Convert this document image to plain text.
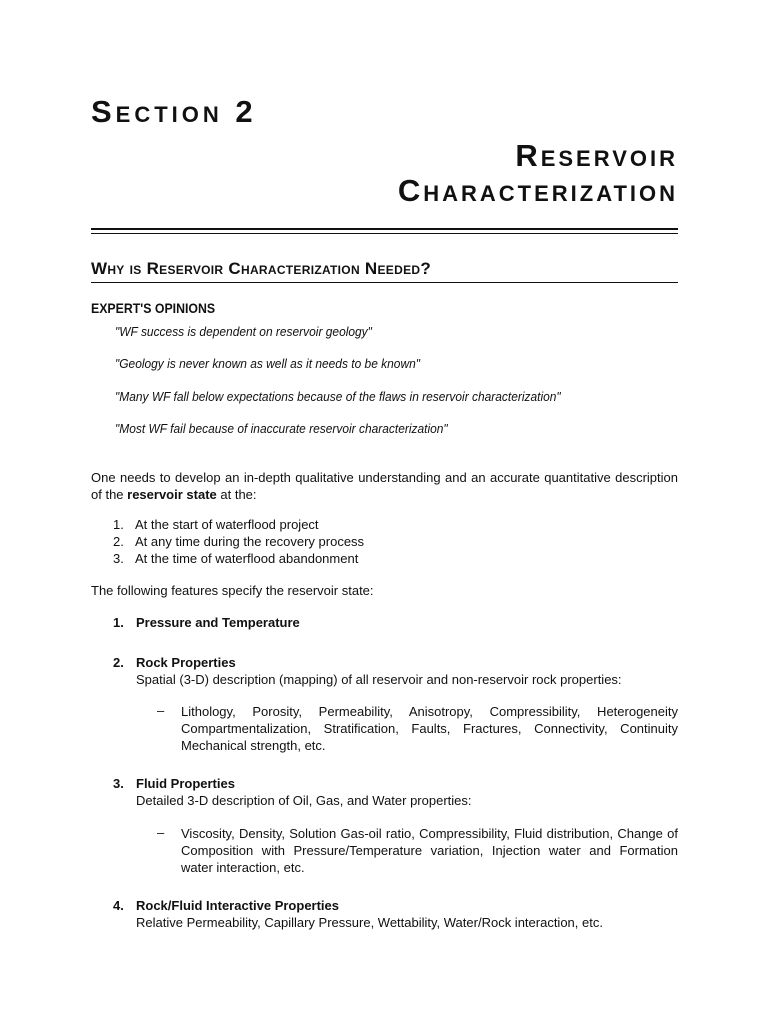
Section 2
Reservoir
Characterization
Why is Reservoir Characterization Needed?
EXPERT'S OPINIONS

"WF success is dependent on reservoir geology"

"Geology is never known as well as it needs to be known"

"Many WF fall below expectations because of the flaws in reservoir characterization"

"Most WF fail because of inaccurate reservoir characterization"

One needs to develop an in-depth qualitative understanding and an accurate quantitative description of the reservoir state at the:

1. At the start of waterflood project
2. At any time during the recovery process
3. At the time of waterflood abandonment

The following features specify the reservoir state:

1. Pressure and Temperature
2. Rock Properties
Spatial (3-D) description (mapping) of all reservoir and non-reservoir rock properties:
– Lithology, Porosity, Permeability, Anisotropy, Compressibility, Heterogeneity Compartmentalization, Stratification, Faults, Fractures, Connectivity, Continuity Mechanical strength, etc.

3. Fluid Properties
Detailed 3-D description of Oil, Gas, and Water properties:
– Viscosity, Density, Solution Gas-oil ratio, Compressibility, Fluid distribution, Change of Composition with Pressure/Temperature variation, Injection water and Formation water interaction, etc.

4. Rock/Fluid Interactive Properties
Relative Permeability, Capillary Pressure, Wettability, Water/Rock interaction, etc.
